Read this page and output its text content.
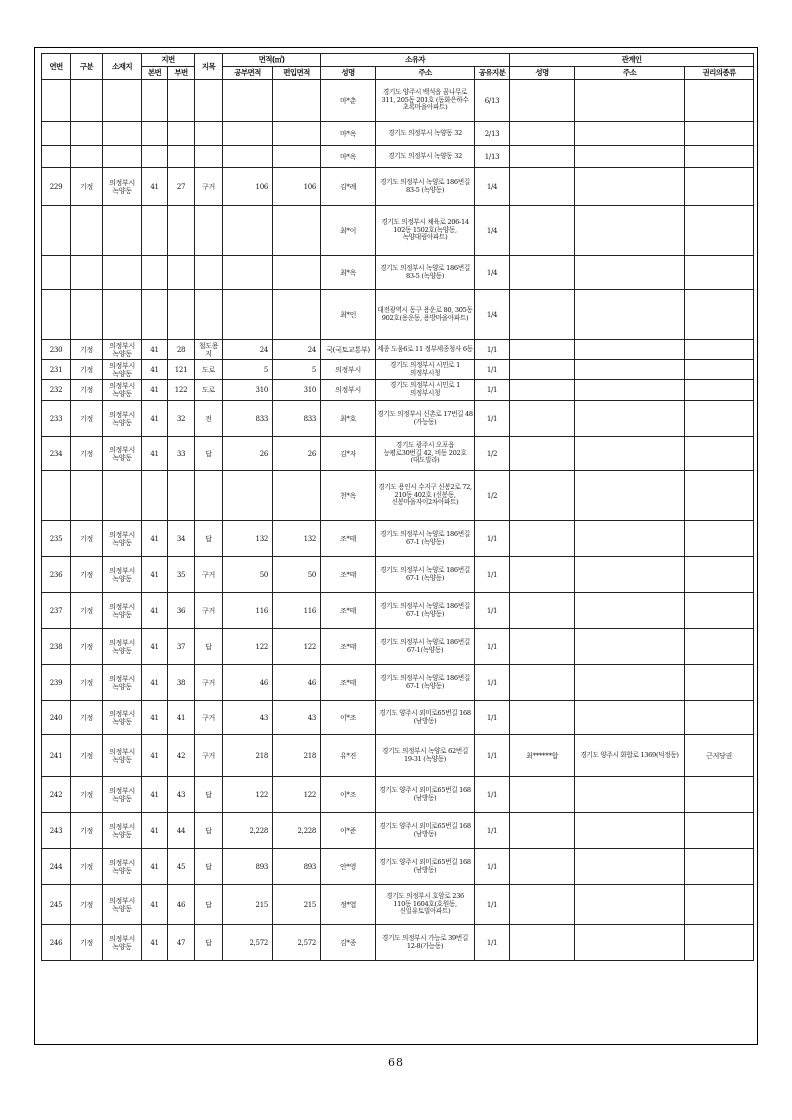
연번	구분	소재지	지번		지목	면적(㎡)		소유자			관계인		
			본번	부번		공부면적	편입면적	성명	주소	공유지분	성명	주소	권리의종류
								마*춘	경기도 양주시 백석읍 꿈나무로 311, 205동 201호 (동화은하수 초록마을아파트)	6/13			
								마*옥	경기도 의정부시 녹양동 32	2/13			
								마*옥	경기도 의정부시 녹양동 32	1/13			
229	기정	의정부시 녹양동	41	27	구거	106	106	김*례	경기도 의정부시 녹양로 186번길 83-5 (녹양동)	1/4			
								최*이	경기도 의정부시 체육로 206-14 102동 1502호(녹양동,녹양대림아파트)	1/4			
								최*옥	경기도 의정부시 녹양로 186번길 83-5 (녹양동)	1/4			
								최*인	대전광역시 동구 용운로 80, 305동 902호(용운동, 용방마을아파트)	1/4			
230	기정	의정부시 녹양동	41	28	철도용지	24	24	국(국토교통부)	세종 도움6로 11 정부세종청사 6동	1/1			
231	기정	의정부시 녹양동	41	121	도로	5	5	의정부시	경기도 의정부시 시민로 1 의정부시청	1/1			
232	기정	의정부시 녹양동	41	122	도로	310	310	의정부시	경기도 의정부시 시민로 1 의정부시청	1/1			
233	기정	의정부시 녹양동	41	32	전	833	833	최*호	경기도 의정부시 신촌로 17번길 48 (가능동)	1/1			
234	기정	의정부시 녹양동	41	33	답	26	26	김*자	경기도 광주시 오포읍 능평로30번길 42, 비동 202호(대도빌라)	1/2			
								천*옥	경기도 용인시 수지구 신봉2로 72, 210동 402호 (신봉동, 신봉마을자이2차아파트)	1/2			
235	기정	의정부시 녹양동	41	34	답	132	132	조*태	경기도 의정부시 녹양로 186번길 67-1 (녹양동)	1/1			
236	기정	의정부시 녹양동	41	35	구거	50	50	조*태	경기도 의정부시 녹양로 186번길 67-1 (녹양동)	1/1			
237	기정	의정부시 녹양동	41	36	구거	116	116	조*태	경기도 의정부시 녹양로 186번길 67-1 (녹양동)	1/1			
238	기정	의정부시 녹양동	41	37	답	122	122	조*태	경기도 의정부시 녹양로 186번길 67-1(녹양동)	1/1			
239	기정	의정부시 녹양동	41	38	구거	46	46	조*태	경기도 의정부시 녹양로 186번길 67-1 (녹양동)	1/1			
240	기정	의정부시 녹양동	41	41	구거	43	43	이*조	경기도 양주시 외미로65번길 168 (남방동)	1/1			
241	기정	의정부시 녹양동	41	42	구거	218	218	유*진	경기도 의정부시 녹양로 62번길 19-31 (녹양동)	1/1	최******합	경기도 양주시 화합로 1369(덕정동)	근저당권
242	기정	의정부시 녹양동	41	43	답	122	122	이*조	경기도 양주시 외미로65번길 168 (남방동)	1/1			
243	기정	의정부시 녹양동	41	44	답	2,228	2,228	이*준	경기도 양주시 외미로65번길 168 (남방동)	1/1			
244	기정	의정부시 녹양동	41	45	답	893	893	안*영	경기도 양주시 외미로65번길 168 (남방동)	1/1			
245	기정	의정부시 녹양동	41	46	답	215	215	정*열	경기도 의정부시 호암로 236 110동 1604호(호원동,신일유토빌아파트)	1/1			
246	기정	의정부시 녹양동	41	47	답	2,572	2,572	김*종	경기도 의정부시 가능로 39번길 12-8(가능동)	1/1			
68
